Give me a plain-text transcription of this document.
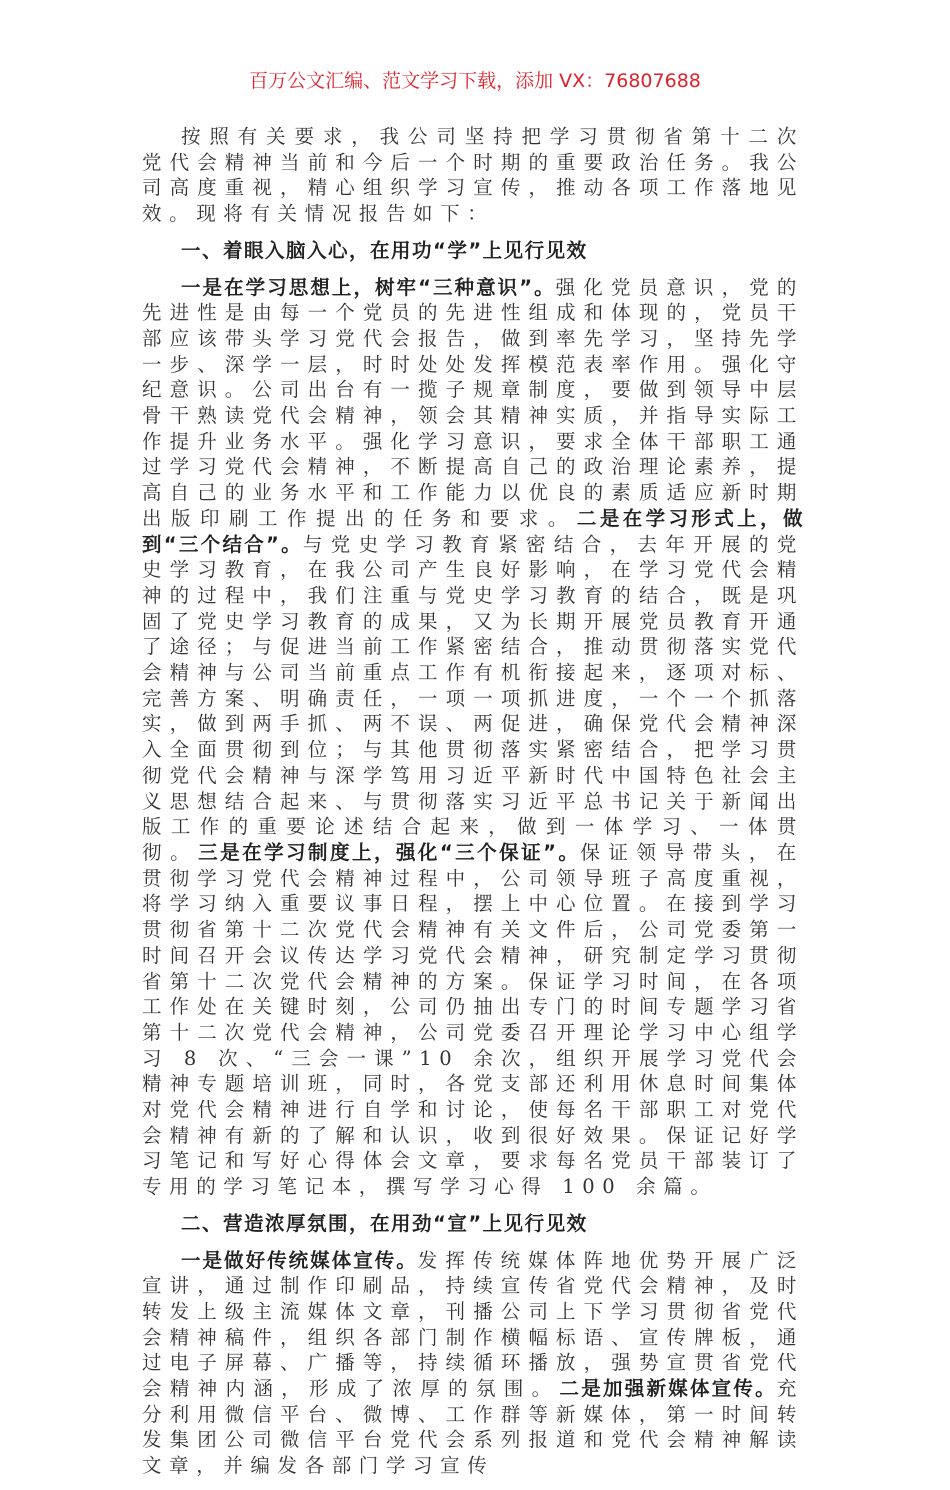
百万公文汇编、范文学习下载，添加 VX：76807688

按照有关要求，我公司坚持把学习贯彻省第十二次党代会精神当前和今后一个时期的重要政治任务。我公司高度重视，精心组织学习宣传，推动各项工作落地见效。现将有关情况报告如下：

一、着眼入脑入心，在用功“学”上见行见效

一是在学习思想上，树牢“三种意识”。强化党员意识，党的先进性是由每一个党员的先进性组成和体现的，党员干部应该带头学习党代会报告，做到率先学习，坚持先学一步、深学一层，时时处处发挥模范表率作用。强化守纪意识。公司出台有一揽子规章制度，要做到领导中层骨干熟读党代会精神，领会其精神实质，并指导实际工作提升业务水平。强化学习意识，要求全体干部职工通过学习党代会精神，不断提高自己的政治理论素养，提高自己的业务水平和工作能力以优良的素质适应新时期出版印刷工作提出的任务和要求。二是在学习形式上，做到“三个结合”。与党史学习教育紧密结合，去年开展的党史学习教育，在我公司产生良好影响，在学习党代会精神的过程中，我们注重与党史学习教育的结合，既是巩固了党史学习教育的成果，又为长期开展党员教育开通了途径；与促进当前工作紧密结合，推动贯彻落实党代会精神与公司当前重点工作有机衔接起来，逐项对标、完善方案、明确责任，一项一项抓进度，一个一个抓落实，做到两手抓、两不误、两促进，确保党代会精神深入全面贯彻到位；与其他贯彻落实紧密结合，把学习贯彻党代会精神与深学笃用习近平新时代中国特色社会主义思想结合起来、与贯彻落实习近平总书记关于新闻出版工作的重要论述结合起来，做到一体学习、一体贯彻。三是在学习制度上，强化“三个保证”。保证领导带头，在贯彻学习党代会精神过程中，公司领导班子高度重视，将学习纳入重要议事日程，摆上中心位置。在接到学习贯彻省第十二次党代会精神有关文件后，公司党委第一时间召开会议传达学习党代会精神，研究制定学习贯彻省第十二次党代会精神的方案。保证学习时间，在各项工作处在关键时刻，公司仍抽出专门的时间专题学习省第十二次党代会精神，公司党委召开理论学习中心组学习 8 次、“三会一课”10 余次，组织开展学习党代会精神专题培训班，同时，各党支部还利用休息时间集体对党代会精神进行自学和讨论，使每名干部职工对党代会精神有新的了解和认识，收到很好效果。保证记好学习笔记和写好心得体会文章，要求每名党员干部装订了专用的学习笔记本，撰写学习心得 100 余篇。

二、营造浓厚氛围，在用劲“宣”上见行见效

一是做好传统媒体宣传。发挥传统媒体阵地优势开展广泛宣讲，通过制作印刷品，持续宣传省党代会精神，及时转发上级主流媒体文章，刊播公司上下学习贯彻省党代会精神稿件，组织各部门制作横幅标语、宣传牌板，通过电子屏幕、广播等，持续循环播放，强势宣贯省党代会精神内涵，形成了浓厚的氛围。二是加强新媒体宣传。充分利用微信平台、微博、工作群等新媒体，第一时间转发集团公司微信平台党代会系列报道和党代会精神解读文章，并编发各部门学习宣传
